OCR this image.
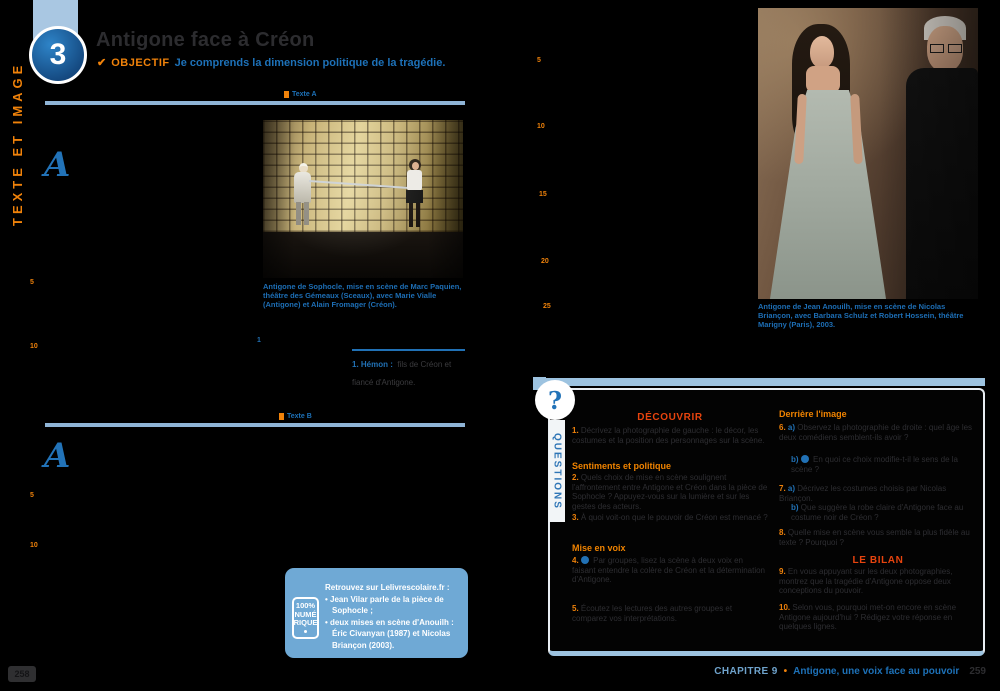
TEXTE ET IMAGE
5
10
3 Antigone face à Créon
✔ OBJECTIF Je comprends la dimension politique de la tragédie.
Texte A
A
1
1. Hémon : fils de Créon et fiancé d'Antigone.
Antigone de Sophocle, mise en scène de Marc Paquien, théâtre des Gémeaux (Sceaux), avec Marie Vialle (Antigone) et Alain Fromager (Créon).
Texte B
A
5
10
5
10
15
20
25	Antigone de Jean Anouilh, mise en scène de Nicolas Briançon, avec Barbara Schulz et Robert Hossein, théâtre Marigny (Paris), 2003.
100%
NUMÉ
RIQUE
Retrouvez sur Lelivrescolaire.fr :
• Jean Vilar parle de la pièce de Sophocle ;
• deux mises en scène d'Anouilh : Éric Civanyan (1987) et Nicolas Briançon (2003).
?
QUESTIONS
DÉCOUVRIR
1. Décrivez la photographie de gauche : le décor, les costumes et la position des personnages sur la scène.
Sentiments et politique
2. Quels choix de mise en scène soulignent l'affrontement entre Antigone et Créon dans la pièce de Sophocle ? Appuyez-vous sur la lumière et sur les gestes des acteurs.
3. À quoi voit-on que le pouvoir de Créon est menacé ?
Mise en voix
4. Par groupes, lisez la scène à deux voix en faisant entendre la colère de Créon et la détermination d'Antigone.
5. Écoutez les lectures des autres groupes et comparez vos interprétations.
Derrière l'image
6. a) Observez la photographie de droite : quel âge les deux comédiens semblent-ils avoir ?
b) En quoi ce choix modifie-t-il le sens de la scène ?
7. a) Décrivez les costumes choisis par Nicolas Briançon.
b) Que suggère la robe claire d'Antigone face au costume noir de Créon ?
8. Quelle mise en scène vous semble la plus fidèle au texte ? Pourquoi ?
LE BILAN
9. En vous appuyant sur les deux photographies, montrez que la tragédie d'Antigone oppose deux conceptions du pouvoir.
10. Selon vous, pourquoi met-on encore en scène Antigone aujourd'hui ? Rédigez votre réponse en quelques lignes.
258	CHAPITRE 9 • Antigone, une voix face au pouvoir 259
